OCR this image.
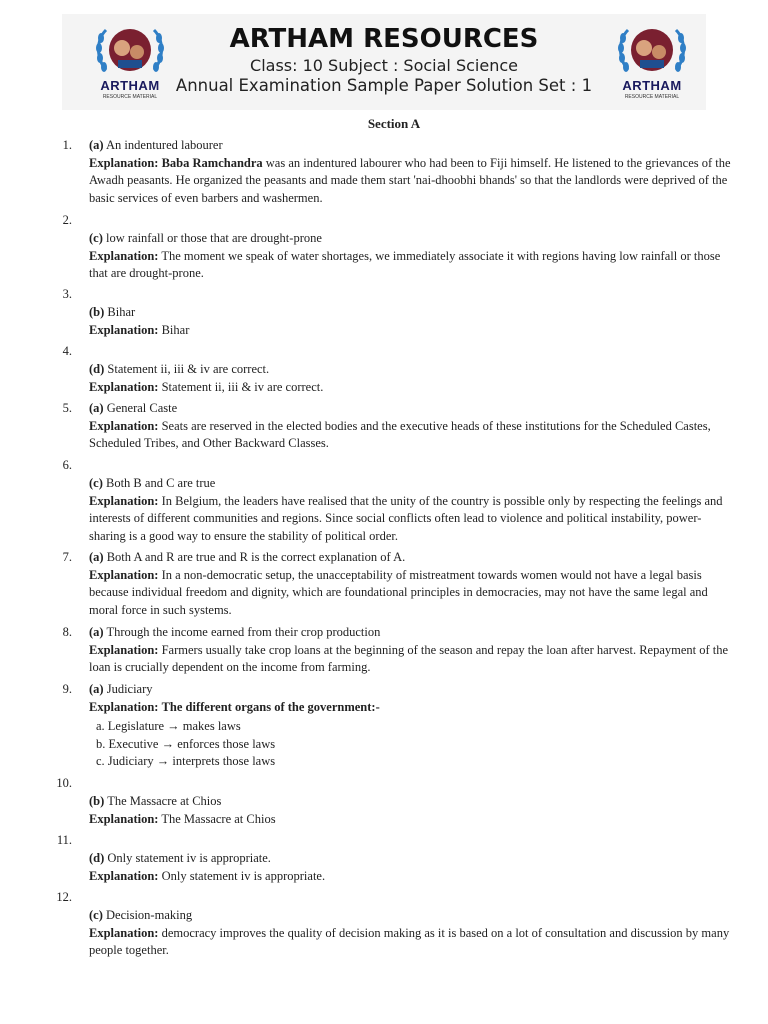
ARTHAM
RESOURCE MATERIAL
ARTHAM RESOURCES
Class: 10 Subject : Social Science
Annual Examination Sample Paper Solution Set : 1	ARTHAM
RESOURCE MATERIAL
Section A
1. (a) An indentured labourer

Explanation: Baba Ramchandra was an indentured labourer who had been to Fiji himself. He listened to the grievances of the Awadh peasants. He organized the peasants and made them start 'nai-dhoobhi bhands' so that the landlords were deprived of the basic services of even barbers and washermen.

2.

(c) low rainfall or those that are drought-prone

Explanation: The moment we speak of water shortages, we immediately associate it with regions having low rainfall or those that are drought-prone.

3.

(b) Bihar

Explanation: Bihar

4.

(d) Statement ii, iii & iv are correct.

Explanation: Statement ii, iii & iv are correct.

5. (a) General Caste

Explanation: Seats are reserved in the elected bodies and the executive heads of these institutions for the Scheduled Castes, Scheduled Tribes, and Other Backward Classes.

6.

(c) Both B and C are true

Explanation: In Belgium, the leaders have realised that the unity of the country is possible only by respecting the feelings and interests of different communities and regions. Since social conflicts often lead to violence and political instability, power-sharing is a good way to ensure the stability of political order.

7. (a) Both A and R are true and R is the correct explanation of A.

Explanation: In a non-democratic setup, the unacceptability of mistreatment towards women would not have a legal basis because individual freedom and dignity, which are foundational principles in democracies, may not have the same legal and moral force in such systems.

8. (a) Through the income earned from their crop production

Explanation: Farmers usually take crop loans at the beginning of the season and repay the loan after harvest. Repayment of the loan is crucially dependent on the income from farming.

9. (a) Judiciary

Explanation: The different organs of the government:-

a. Legislature → makes laws
b. Executive → enforces those laws
c. Judiciary → interprets those laws
10.

(b) The Massacre at Chios

Explanation: The Massacre at Chios

11.

(d) Only statement iv is appropriate.

Explanation: Only statement iv is appropriate.

12.

(c) Decision-making

Explanation: democracy improves the quality of decision making as it is based on a lot of consultation and discussion by many people together.
